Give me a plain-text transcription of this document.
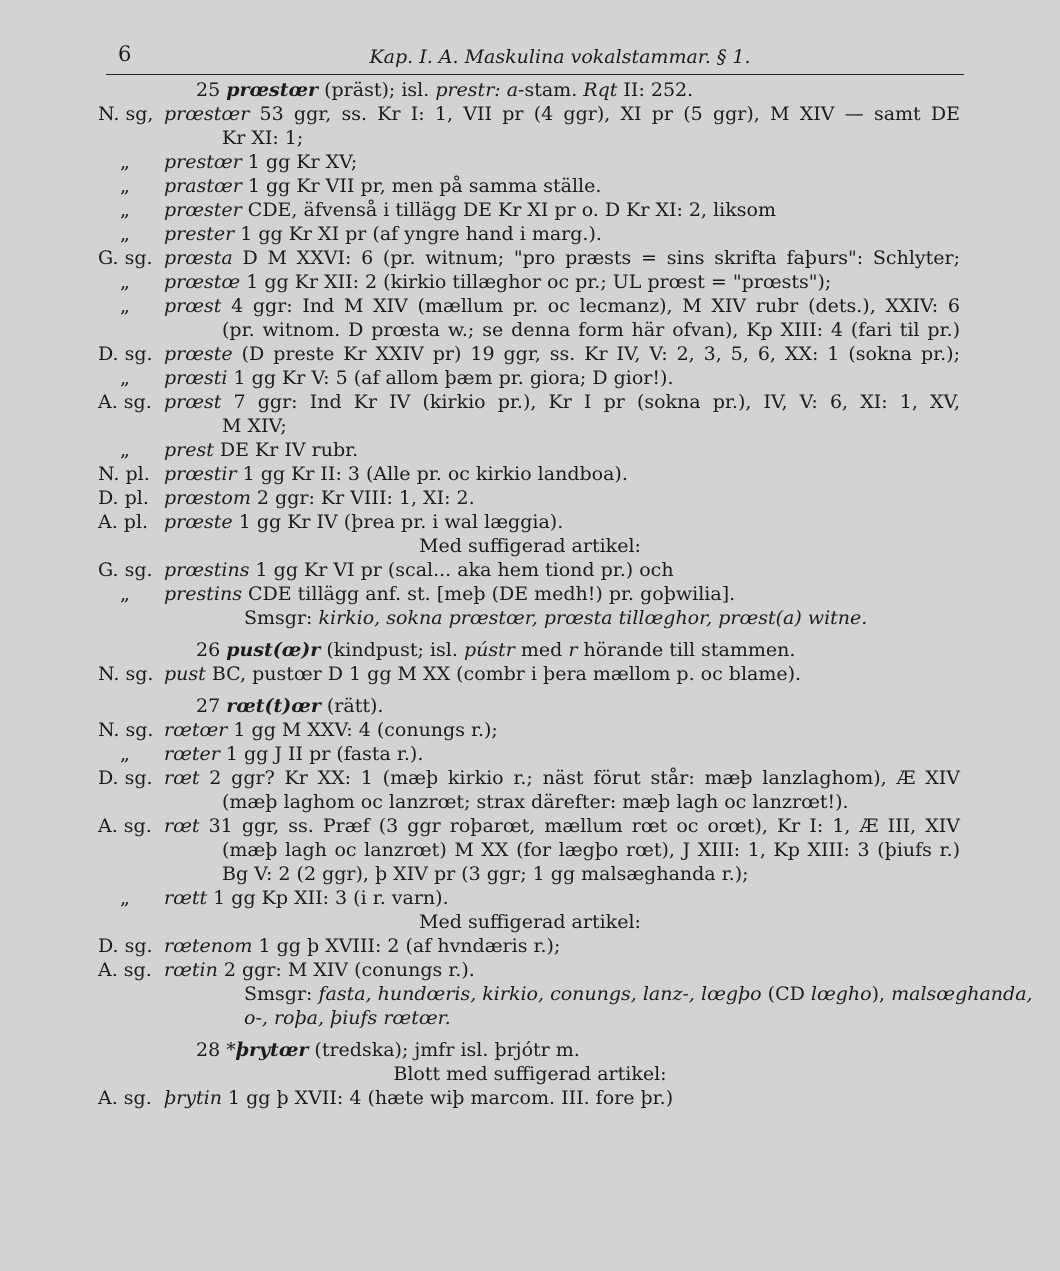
6	Kap. I. A. Maskulina vokalstammar. § 1.
25 prœstœr (präst); isl. prestr: a-stam. Rqt II: 252.
N. sg, prœstœr 53 ggr, ss. Kr I: 1, VII pr (4 ggr), XI pr (5 ggr), M XIV — samt DE
Kr XI: 1;
„ prestœr 1 gg Kr XV;
„ prastœr 1 gg Kr VII pr, men på samma ställe.
„ prœster CDE, äfvenså i tillägg DE Kr XI pr o. D Kr XI: 2, liksom
„ prester 1 gg Kr XI pr (af yngre hand i marg.).
G. sg. prœsta D M XXVI: 6 (pr. witnum; "pro præsts = sins skrifta faþurs": Schlyter;
„ prœstœ 1 gg Kr XII: 2 (kirkio tillæghor oc pr.; UL prœst = "prœsts");
„ prœst 4 ggr: Ind M XIV (mællum pr. oc lecmanz), M XIV rubr (dets.), XXIV: 6
(pr. witnom. D prœsta w.; se denna form här ofvan), Kp XIII: 4 (fari til pr.)
D. sg. prœste (D preste Kr XXIV pr) 19 ggr, ss. Kr IV, V: 2, 3, 5, 6, XX: 1 (sokna pr.);
„ prœsti 1 gg Kr V: 5 (af allom þæm pr. giora; D gior!).
A. sg. prœst 7 ggr: Ind Kr IV (kirkio pr.), Kr I pr (sokna pr.), IV, V: 6, XI: 1, XV,
M XIV;
„ prest DE Kr IV rubr.
N. pl. prœstir 1 gg Kr II: 3 (Alle pr. oc kirkio landboa).
D. pl. prœstom 2 ggr: Kr VIII: 1, XI: 2.
A. pl. prœste 1 gg Kr IV (þrea pr. i wal læggia).
Med suffigerad artikel:
G. sg. prœstins 1 gg Kr VI pr (scal... aka hem tiond pr.) och
„ prestins CDE tillägg anf. st. [meþ (DE medh!) pr. goþwilia].
Smsgr: kirkio, sokna prœstœr, prœsta tillœghor, prœst(a) witne.
26 pust(œ)r (kindpust; isl. pústr med r hörande till stammen.
N. sg. pust BC, pustœr D 1 gg M XX (combr i þera mællom p. oc blame).
27 rœt(t)œr (rätt).
N. sg. rœtœr 1 gg M XXV: 4 (conungs r.);
„ rœter 1 gg J II pr (fasta r.).
D. sg. rœt 2 ggr? Kr XX: 1 (mæþ kirkio r.; näst förut står: mæþ lanzlaghom), Æ XIV
(mæþ laghom oc lanzrœt; strax därefter: mæþ lagh oc lanzrœt!).
A. sg. rœt 31 ggr, ss. Præf (3 ggr roþarœt, mællum rœt oc orœt), Kr I: 1, Æ III, XIV
(mæþ lagh oc lanzrœt) M XX (for lægþo rœt), J XIII: 1, Kp XIII: 3 (þiufs r.)
Bg V: 2 (2 ggr), þ XIV pr (3 ggr; 1 gg malsæghanda r.);
„ rœtt 1 gg Kp XII: 3 (i r. varn).
Med suffigerad artikel:
D. sg. rœtenom 1 gg þ XVIII: 2 (af hvndæris r.);
A. sg. rœtin 2 ggr: M XIV (conungs r.).
Smsgr: fasta, hundœris, kirkio, conungs, lanz-, lœgþo (CD lœgho), malsœghanda,
o-, roþa, þiufs rœtœr.
28 *þrytœr (tredska); jmfr isl. þrjótr m.
Blott med suffigerad artikel:
A. sg. þrytin 1 gg þ XVII: 4 (hæte wiþ marcom. III. fore þr.)
